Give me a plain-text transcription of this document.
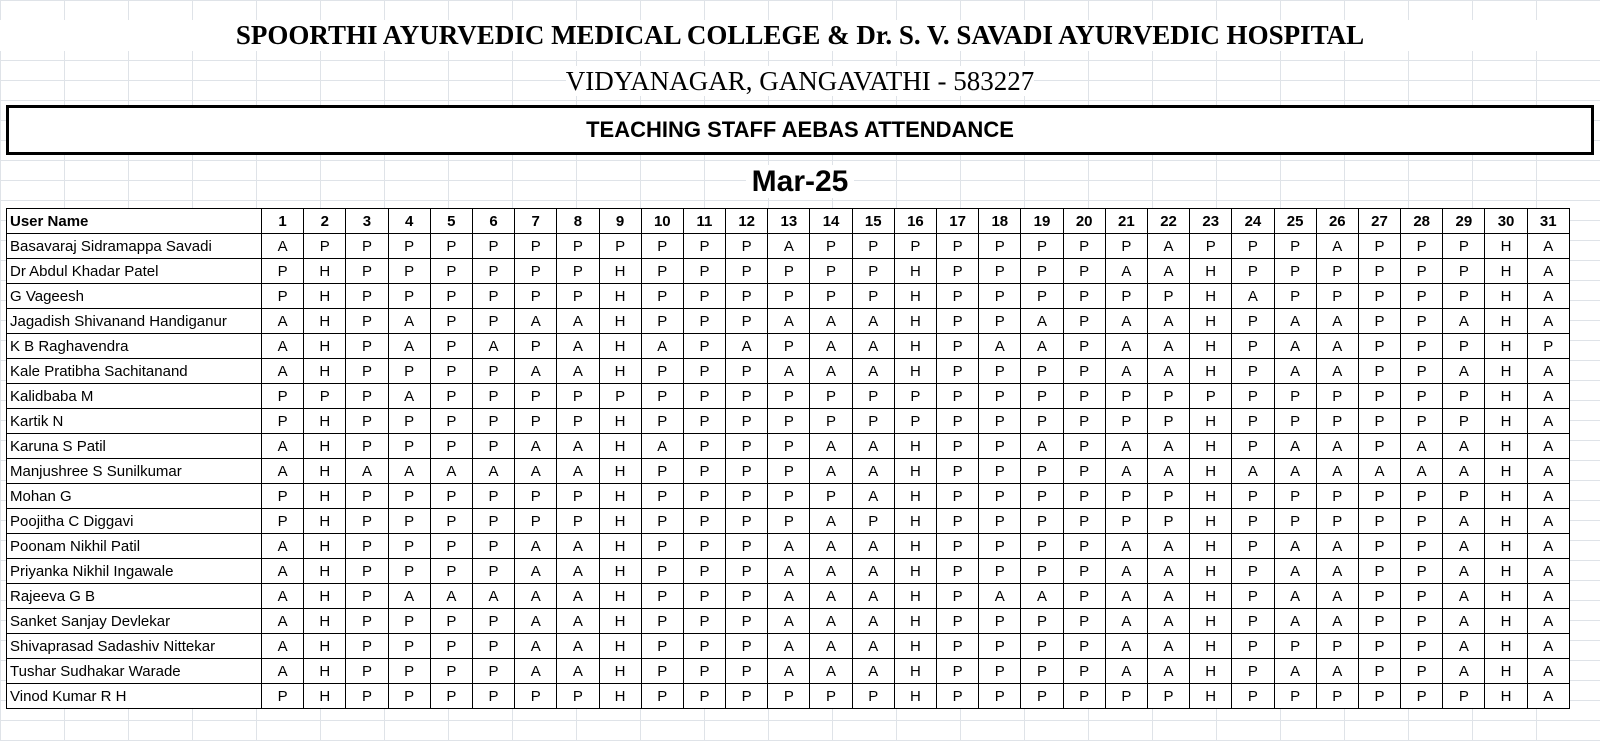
SPOORTHI AYURVEDIC MEDICAL COLLEGE & Dr. S. V. SAVADI AYURVEDIC HOSPITAL
VIDYANAGAR, GANGAVATHI - 583227
TEACHING STAFF AEBAS ATTENDANCE
Mar-25
User Name	1	2	3	4	5	6	7	8	9	10	11	12	13	14	15	16	17	18	19	20	21	22	23	24	25	26	27	28	29	30	31
Basavaraj Sidramappa Savadi	A	P	P	P	P	P	P	P	P	P	P	P	A	P	P	P	P	P	P	P	P	A	P	P	P	A	P	P	P	H	A
Dr Abdul Khadar Patel	P	H	P	P	P	P	P	P	H	P	P	P	P	P	P	H	P	P	P	P	A	A	H	P	P	P	P	P	P	H	A
G Vageesh	P	H	P	P	P	P	P	P	H	P	P	P	P	P	P	H	P	P	P	P	P	P	H	A	P	P	P	P	P	H	A
Jagadish Shivanand Handiganur	A	H	P	A	P	P	A	A	H	P	P	P	A	A	A	H	P	P	A	P	A	A	H	P	A	A	P	P	A	H	A
K B Raghavendra	A	H	P	A	P	A	P	A	H	A	P	A	P	A	A	H	P	A	A	P	A	A	H	P	A	A	P	P	P	H	P
Kale Pratibha Sachitanand	A	H	P	P	P	P	A	A	H	P	P	P	A	A	A	H	P	P	P	P	A	A	H	P	A	A	P	P	A	H	A
Kalidbaba M	P	P	P	A	P	P	P	P	P	P	P	P	P	P	P	P	P	P	P	P	P	P	P	P	P	P	P	P	P	H	A
Kartik N	P	H	P	P	P	P	P	P	H	P	P	P	P	P	P	P	P	P	P	P	P	P	H	P	P	P	P	P	P	H	A
Karuna S Patil	A	H	P	P	P	P	A	A	H	A	P	P	P	A	A	H	P	P	A	P	A	A	H	P	A	A	P	A	A	H	A
Manjushree S Sunilkumar	A	H	A	A	A	A	A	A	H	P	P	P	P	A	A	H	P	P	P	P	A	A	H	A	A	A	A	A	A	H	A
Mohan G	P	H	P	P	P	P	P	P	H	P	P	P	P	P	A	H	P	P	P	P	P	P	H	P	P	P	P	P	P	H	A
Poojitha C Diggavi	P	H	P	P	P	P	P	P	H	P	P	P	P	A	P	H	P	P	P	P	P	P	H	P	P	P	P	P	A	H	A
Poonam Nikhil Patil	A	H	P	P	P	P	A	A	H	P	P	P	A	A	A	H	P	P	P	P	A	A	H	P	A	A	P	P	A	H	A
Priyanka Nikhil Ingawale	A	H	P	P	P	P	A	A	H	P	P	P	A	A	A	H	P	P	P	P	A	A	H	P	A	A	P	P	A	H	A
Rajeeva G B	A	H	P	A	A	A	A	A	H	P	P	P	A	A	A	H	P	A	A	P	A	A	H	P	A	A	P	P	A	H	A
Sanket Sanjay Devlekar	A	H	P	P	P	P	A	A	H	P	P	P	A	A	A	H	P	P	P	P	A	A	H	P	A	A	P	P	A	H	A
Shivaprasad Sadashiv Nittekar	A	H	P	P	P	P	A	A	H	P	P	P	A	A	A	H	P	P	P	P	A	A	H	P	P	P	P	P	A	H	A
Tushar Sudhakar Warade	A	H	P	P	P	P	A	A	H	P	P	P	A	A	A	H	P	P	P	P	A	A	H	P	A	A	P	P	A	H	A
Vinod Kumar R H	P	H	P	P	P	P	P	P	H	P	P	P	P	P	P	H	P	P	P	P	P	P	H	P	P	P	P	P	P	H	A
